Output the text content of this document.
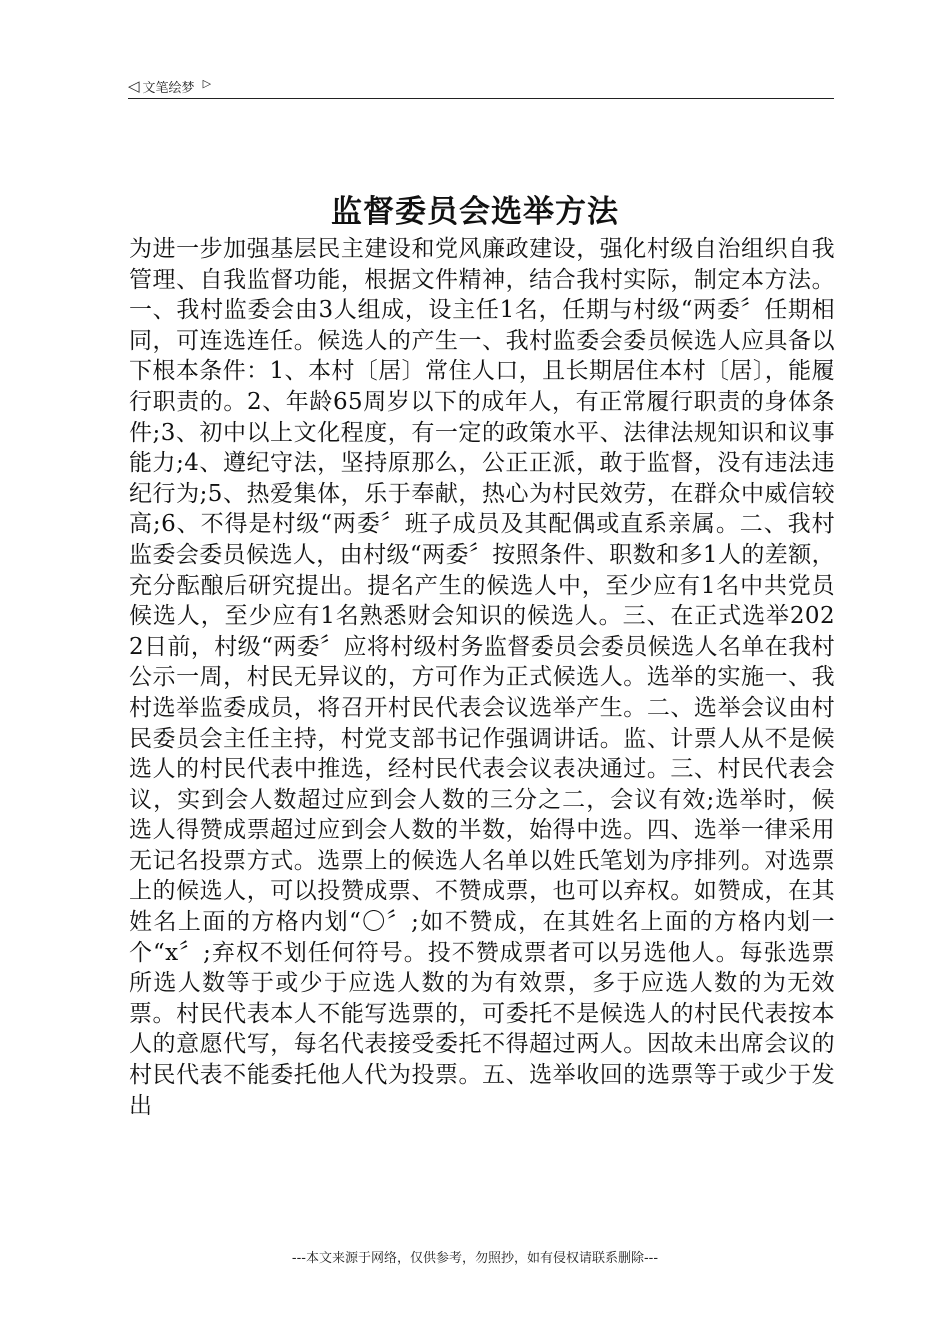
◁ 文笔绘梦 ▷
监督委员会选举方法
为进一步加强基层民主建设和党风廉政建设，强化村级自治组织自我管理、自我监督功能，根据文件精神，结合我村实际，制定本方法。一、我村监委会由3人组成，设主任1名，任期与村级“两委〞任期相同，可连选连任。候选人的产生一、我村监委会委员候选人应具备以下根本条件：1、本村〔居〕常住人口，且长期居住本村〔居〕，能履行职责的。2、年龄65周岁以下的成年人，有正常履行职责的身体条件;3、初中以上文化程度，有一定的政策水平、法律法规知识和议事能力;4、遵纪守法，坚持原那么，公正正派，敢于监督，没有违法违纪行为;5、热爱集体，乐于奉献，热心为村民效劳，在群众中威信较高;6、不得是村级“两委〞班子成员及其配偶或直系亲属。二、我村监委会委员候选人，由村级“两委〞按照条件、职数和多1人的差额，充分酝酿后研究提出。提名产生的候选人中，至少应有1名中共党员候选人，至少应有1名熟悉财会知识的候选人。三、在正式选举2022日前，村级“两委〞应将村级村务监督委员会委员候选人名单在我村公示一周，村民无异议的，方可作为正式候选人。选举的实施一、我村选举监委成员，将召开村民代表会议选举产生。二、选举会议由村民委员会主任主持，村党支部书记作强调讲话。监、计票人从不是候选人的村民代表中推选，经村民代表会议表决通过。三、村民代表会议，实到会人数超过应到会人数的三分之二，会议有效;选举时，候选人得赞成票超过应到会人数的半数，始得中选。四、选举一律采用无记名投票方式。选票上的候选人名单以姓氏笔划为序排列。对选票上的候选人，可以投赞成票、不赞成票，也可以弃权。如赞成，在其姓名上面的方格内划“〇〞;如不赞成，在其姓名上面的方格内划一个“x〞;弃权不划任何符号。投不赞成票者可以另选他人。每张选票所选人数等于或少于应选人数的为有效票，多于应选人数的为无效票。村民代表本人不能写选票的，可委托不是候选人的村民代表按本人的意愿代写，每名代表接受委托不得超过两人。因故未出席会议的村民代表不能委托他人代为投票。五、选举收回的选票等于或少于发出
---本文来源于网络，仅供参考，勿照抄，如有侵权请联系删除---
